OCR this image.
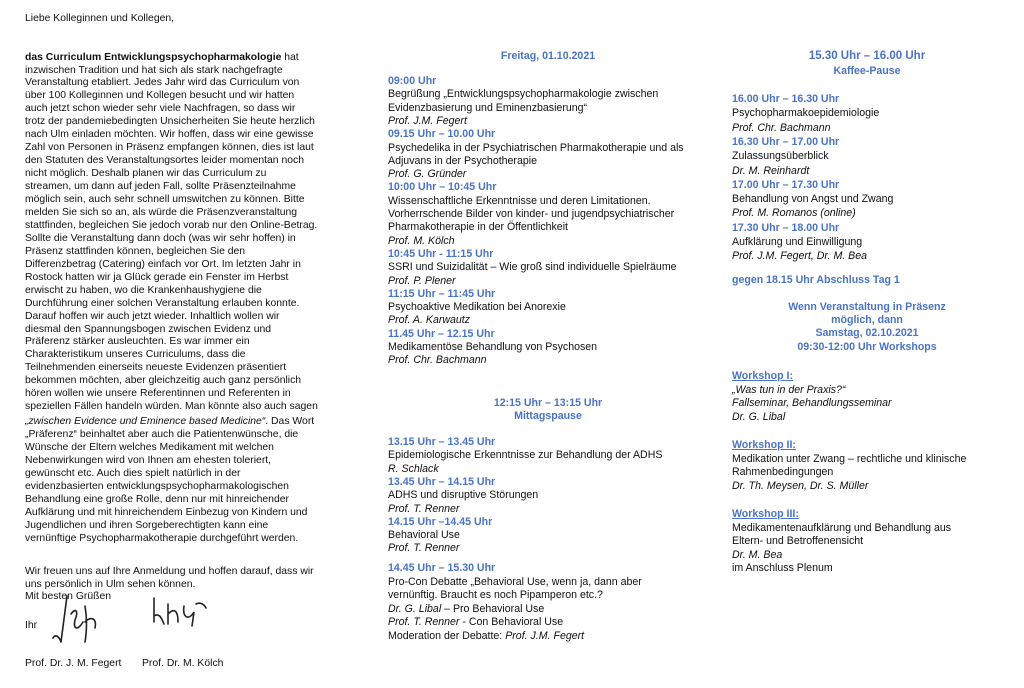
Liebe Kolleginnen und Kollegen,
das Curriculum Entwicklungspsychopharmakologie hat
inzwischen Tradition und hat sich als stark nachgefragte
Veranstaltung etabliert. Jedes Jahr wird das Curriculum von
über 100 Kolleginnen und Kollegen besucht und wir hatten
auch jetzt schon wieder sehr viele Nachfragen, so dass wir
trotz der pandemiebedingten Unsicherheiten Sie heute herzlich
nach Ulm einladen möchten. Wir hoffen, dass wir eine gewisse
Zahl von Personen in Präsenz empfangen können, dies ist laut
den Statuten des Veranstaltungsortes leider momentan noch
nicht möglich. Deshalb planen wir das Curriculum zu
streamen, um dann auf jeden Fall, sollte Präsenzteilnahme
möglich sein, auch sehr schnell umswitchen zu können. Bitte
melden Sie sich so an, als würde die Präsenzveranstaltung
stattfinden, begleichen Sie jedoch vorab nur den Online-Betrag.
Sollte die Veranstaltung dann doch (was wir sehr hoffen) in
Präsenz stattfinden können, begleichen Sie den
Differenzbetrag (Catering) einfach vor Ort. Im letzten Jahr in
Rostock hatten wir ja Glück gerade ein Fenster im Herbst
erwischt zu haben, wo die Krankenhaushygiene die
Durchführung einer solchen Veranstaltung erlauben konnte.
Darauf hoffen wir auch jetzt wieder. Inhaltlich wollen wir
diesmal den Spannungsbogen zwischen Evidenz und
Präferenz stärker ausleuchten. Es war immer ein
Charakteristikum unseres Curriculums, dass die
Teilnehmenden einerseits neueste Evidenzen präsentiert
bekommen möchten, aber gleichzeitig auch ganz persönlich
hören wollen wie unsere Referentinnen und Referenten in
speziellen Fällen handeln würden. Man könnte also auch sagen
„zwischen Evidence und Eminence based Medicine“. Das Wort
„Präferenz“ beinhaltet aber auch die Patientenwünsche, die
Wünsche der Eltern welches Medikament mit welchen
Nebenwirkungen wird von Ihnen am ehesten toleriert,
gewünscht etc. Auch dies spielt natürlich in der
evidenzbasierten entwicklungspsychopharmakologischen
Behandlung eine große Rolle, denn nur mit hinreichender
Aufklärung und mit hinreichendem Einbezug von Kindern und
Jugendlichen und ihren Sorgeberechtigten kann eine
vernünftige Psychopharmakotherapie durchgeführt werden.
Wir freuen uns auf Ihre Anmeldung und hoffen darauf, dass wir
uns persönlich in Ulm sehen können.
Mit besten Grüßen
Ihr
Prof. Dr. J. M. Fegert Prof. Dr. M. Kölch
Freitag, 01.10.2021
09:00 Uhr
Begrüßung „Entwicklungspsychopharmakologie zwischen
Evidenzbasierung und Eminenzbasierung“
Prof. J.M. Fegert
09.15 Uhr – 10.00 Uhr
Psychedelika in der Psychiatrischen Pharmakotherapie und als
Adjuvans in der Psychotherapie
Prof. G. Gründer
10:00 Uhr – 10:45 Uhr
Wissenschaftliche Erkenntnisse und deren Limitationen.
Vorherrschende Bilder von kinder- und jugendpsychiatrischer
Pharmakotherapie in der Öffentlichkeit
Prof. M. Kölch
10:45 Uhr - 11:15 Uhr
SSRI und Suizidalität – Wie groß sind individuelle Spielräume
Prof. P. Plener
11:15 Uhr – 11:45 Uhr
Psychoaktive Medikation bei Anorexie
Prof. A. Karwautz
11.45 Uhr – 12.15 Uhr
Medikamentöse Behandlung von Psychosen
Prof. Chr. Bachmann
12:15 Uhr – 13:15 Uhr
Mittagspause
13.15 Uhr – 13.45 Uhr
Epidemiologische Erkenntnisse zur Behandlung der ADHS
R. Schlack
13.45 Uhr – 14.15 Uhr
ADHS und disruptive Störungen
Prof. T. Renner
14.15 Uhr –14.45 Uhr
Behavioral Use
Prof. T. Renner
14.45 Uhr – 15.30 Uhr
Pro-Con Debatte „Behavioral Use, wenn ja, dann aber
vernünftig. Braucht es noch Pipamperon etc.?
Dr. G. Libal – Pro Behavioral Use
Prof. T. Renner - Con Behavioral Use
Moderation der Debatte: Prof. J.M. Fegert
15.30 Uhr – 16.00 Uhr
Kaffee-Pause
16.00 Uhr – 16.30 Uhr
Psychopharmakoepidemiologie
Prof. Chr. Bachmann
16.30 Uhr – 17.00 Uhr
Zulassungsüberblick
Dr. M. Reinhardt
17.00 Uhr – 17.30 Uhr
Behandlung von Angst und Zwang
Prof. M. Romanos (online)
17.30 Uhr – 18.00 Uhr
Aufklärung und Einwilligung
Prof. J.M. Fegert, Dr. M. Bea
gegen 18.15 Uhr Abschluss Tag 1
Wenn Veranstaltung in Präsenz
möglich, dann
Samstag, 02.10.2021
09:30-12:00 Uhr Workshops
Workshop I:
„Was tun in der Praxis?“
Fallseminar, Behandlungsseminar
Dr. G. Libal
Workshop II:
Medikation unter Zwang – rechtliche und klinische
Rahmenbedingungen
Dr. Th. Meysen, Dr. S. Müller
Workshop III:
Medikamentenaufklärung und Behandlung aus
Eltern- und Betroffenensicht
Dr. M. Bea
im Anschluss Plenum
